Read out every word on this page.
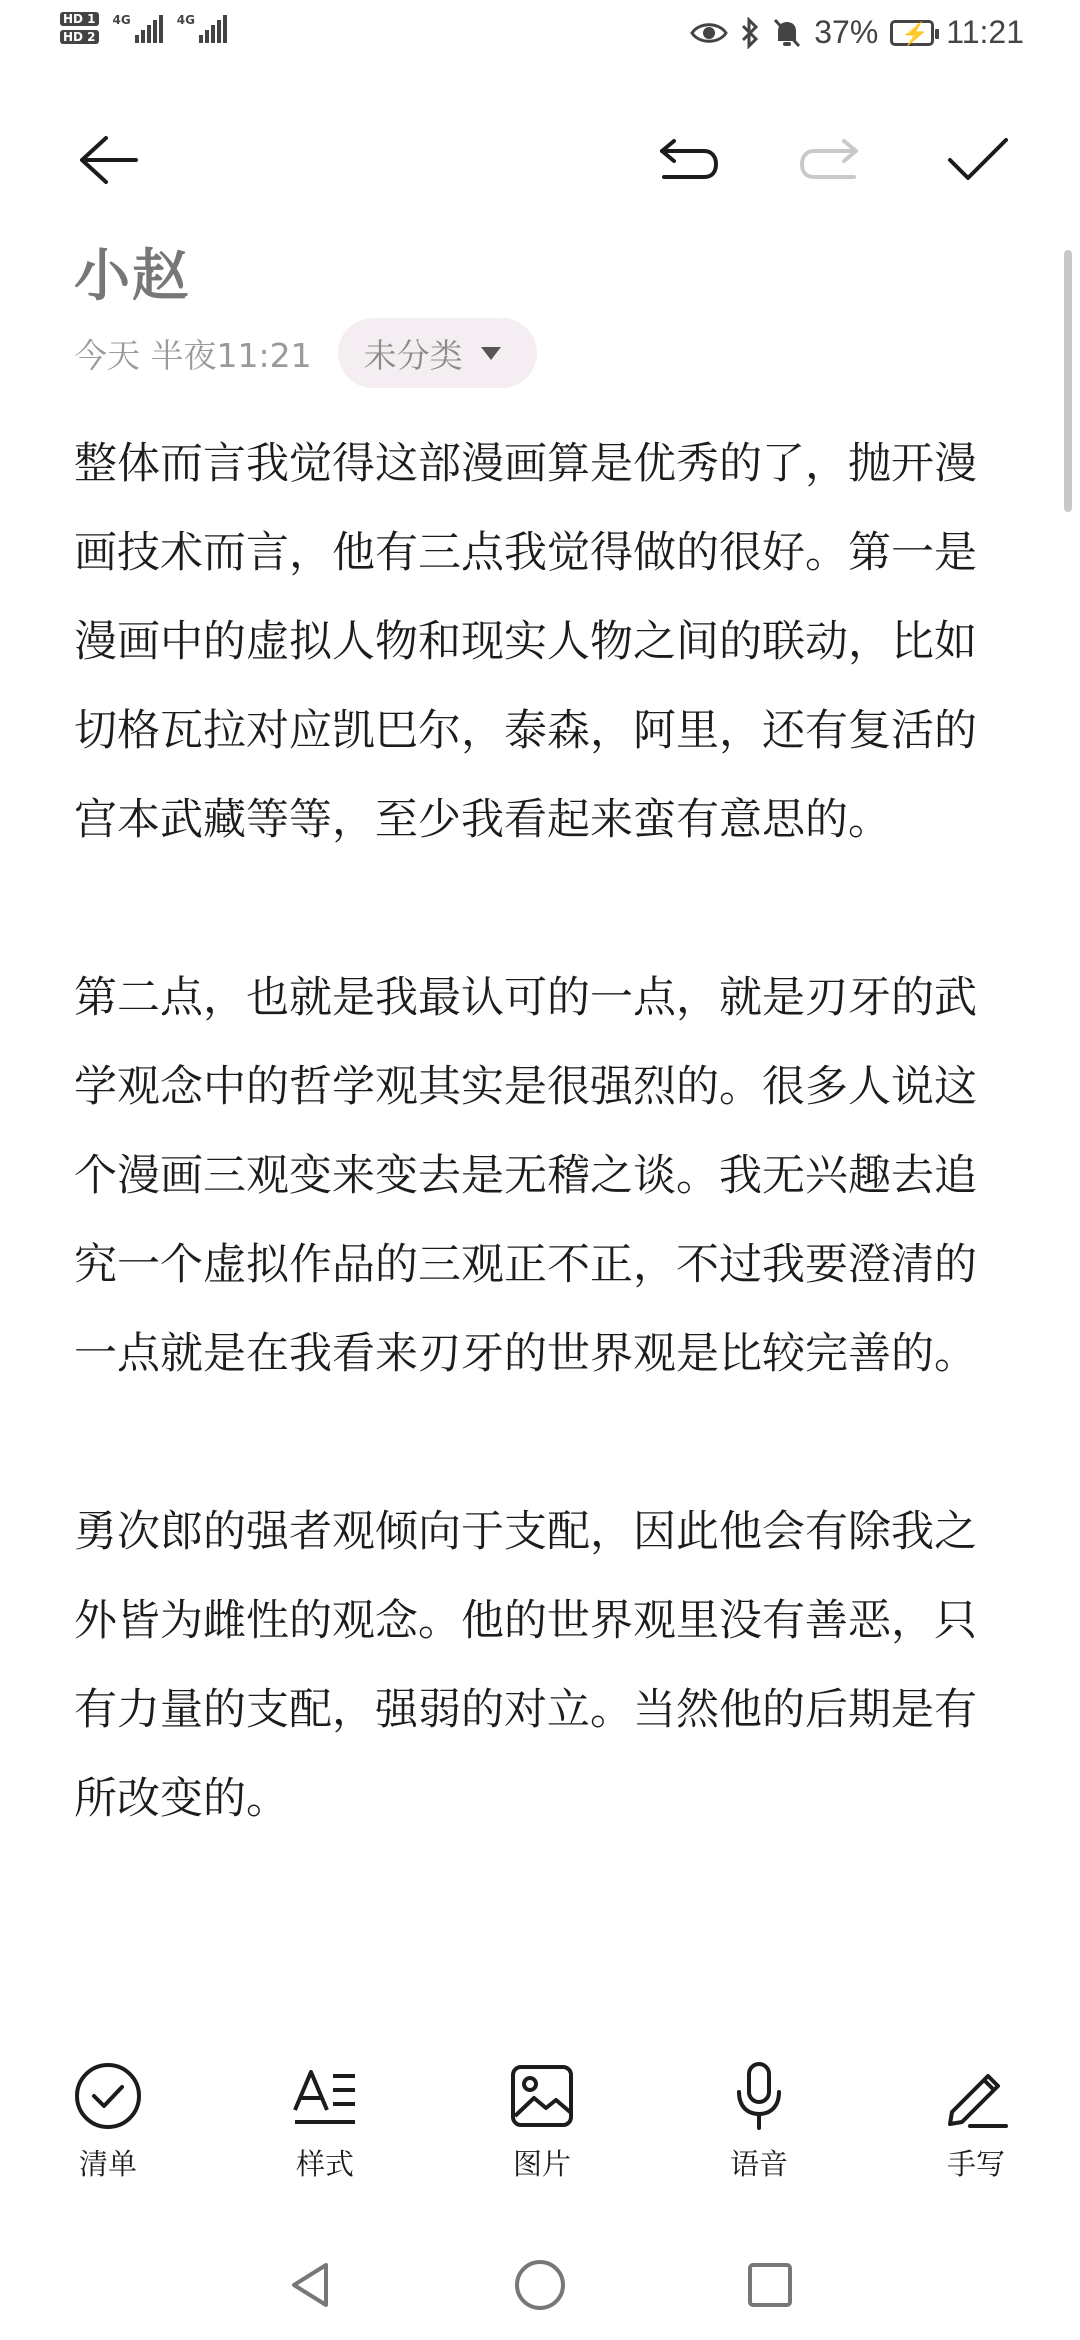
HD 1
HD 2
4G	4G	37% ⚡ 11:21
小赵
今天 半夜11:21 未分类

整体而言我觉得这部漫画算是优秀的了，抛开漫画技术而言，他有三点我觉得做的很好。第一是漫画中的虚拟人物和现实人物之间的联动，比如切格瓦拉对应凯巴尔，泰森，阿里，还有复活的宫本武藏等等，至少我看起来蛮有意思的。

第二点，也就是我最认可的一点，就是刃牙的武学观念中的哲学观其实是很强烈的。很多人说这个漫画三观变来变去是无稽之谈。我无兴趣去追究一个虚拟作品的三观正不正，不过我要澄清的一点就是在我看来刃牙的世界观是比较完善的。

勇次郎的强者观倾向于支配，因此他会有除我之外皆为雌性的观念。他的世界观里没有善恶，只有力量的支配，强弱的对立。当然他的后期是有所改变的。

清单	样式	图片	语音	手写
